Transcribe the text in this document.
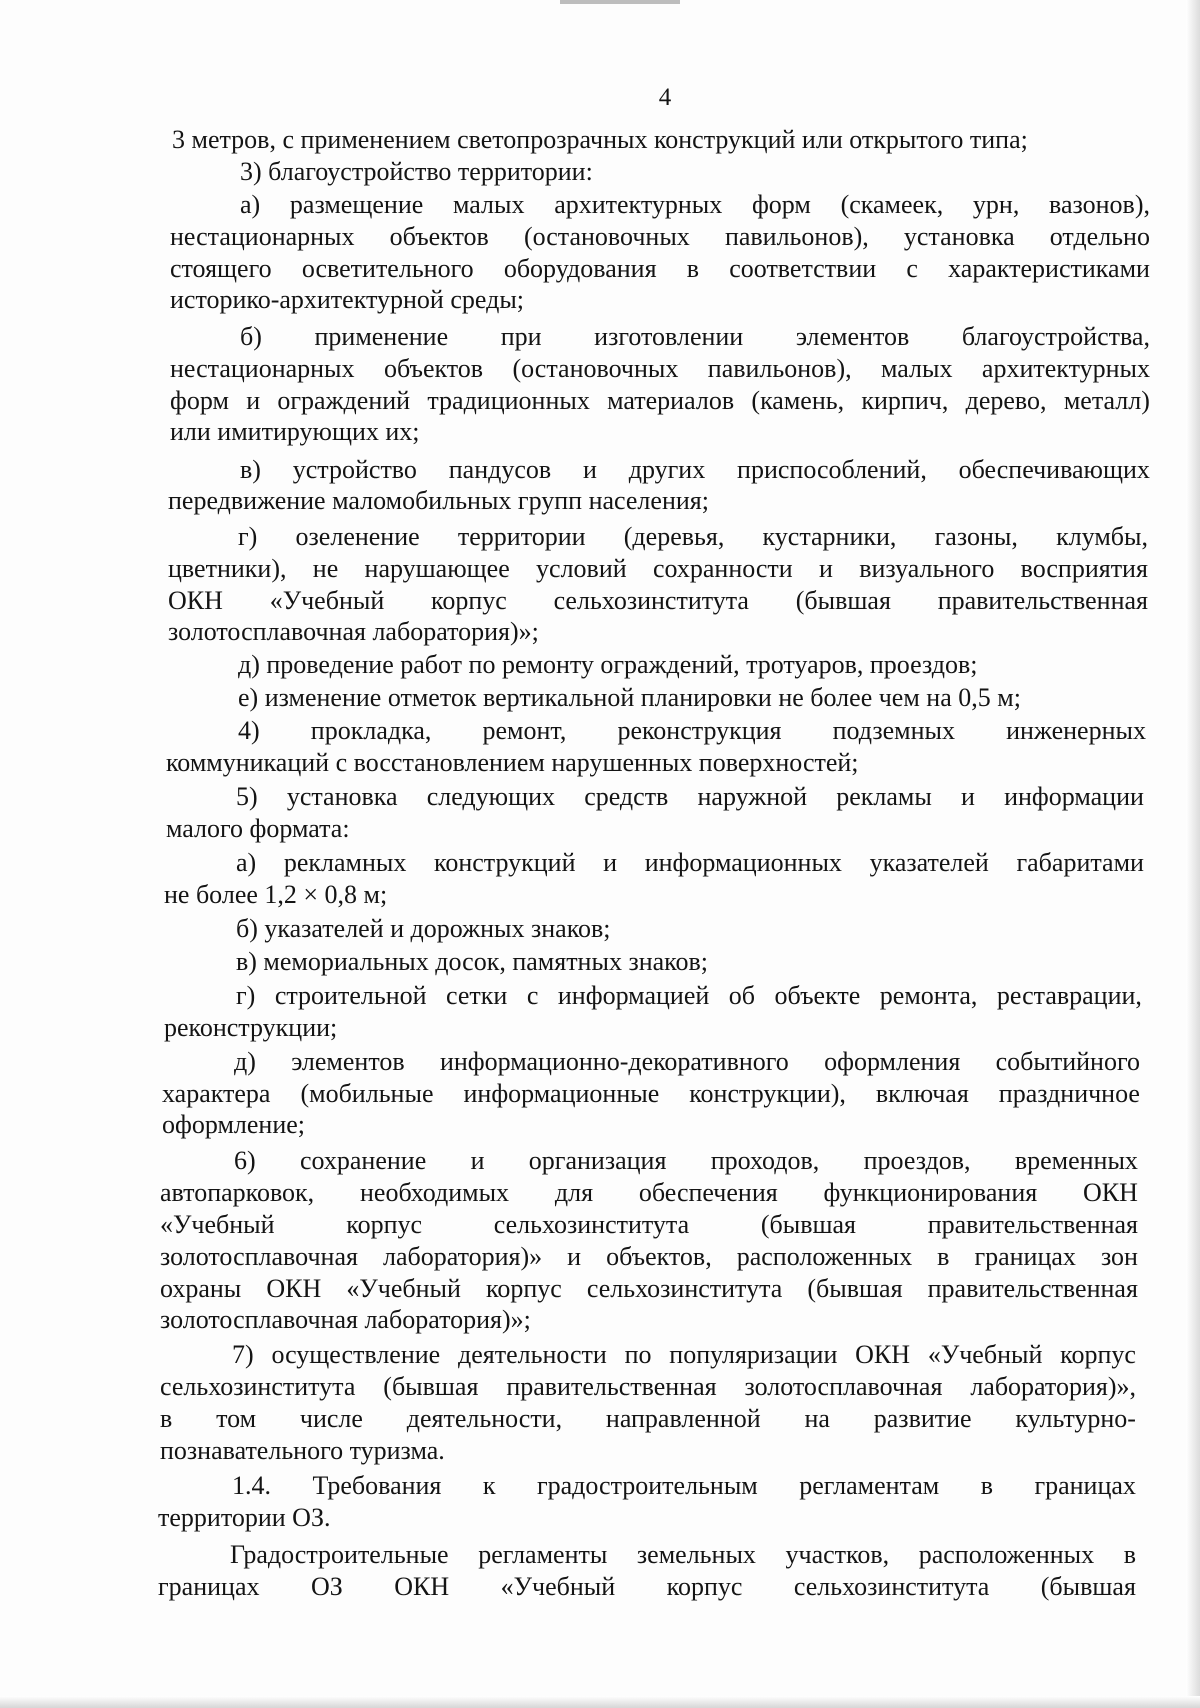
4
3 метров, с применением светопрозрачных конструкций или открытого типа;
3) благоустройство территории:
а) размещение малых архитектурных форм (скамеек, урн, вазонов),
нестационарных объектов (остановочных павильонов), установка отдельно
стоящего осветительного оборудования в соответствии с характеристиками
историко-архитектурной среды;
б) применение при изготовлении элементов благоустройства,
нестационарных объектов (остановочных павильонов), малых архитектурных
форм и ограждений традиционных материалов (камень, кирпич, дерево, металл)
или имитирующих их;
в) устройство пандусов и других приспособлений, обеспечивающих
передвижение маломобильных групп населения;
г) озеленение территории (деревья, кустарники, газоны, клумбы,
цветники), не нарушающее условий сохранности и визуального восприятия
ОКН «Учебный корпус сельхозинститута (бывшая правительственная
золотосплавочная лаборатория)»;
д) проведение работ по ремонту ограждений, тротуаров, проездов;
е) изменение отметок вертикальной планировки не более чем на 0,5 м;
4) прокладка, ремонт, реконструкция подземных инженерных
коммуникаций с восстановлением нарушенных поверхностей;
5) установка следующих средств наружной рекламы и информации
малого формата:
а) рекламных конструкций и информационных указателей габаритами
не более 1,2 × 0,8 м;
б) указателей и дорожных знаков;
в) мемориальных досок, памятных знаков;
г) строительной сетки с информацией об объекте ремонта, реставрации,
реконструкции;
д) элементов информационно-декоративного оформления событийного
характера (мобильные информационные конструкции), включая праздничное
оформление;
6) сохранение и организация проходов, проездов, временных
автопарковок, необходимых для обеспечения функционирования ОКН
«Учебный	корпус	сельхозинститута	(бывшая	правительственная
золотосплавочная лаборатория)» и объектов, расположенных в границах зон
охраны ОКН «Учебный корпус сельхозинститута (бывшая правительственная
золотосплавочная лаборатория)»;
7) осуществление деятельности по популяризации ОКН «Учебный корпус
сельхозинститута (бывшая правительственная золотосплавочная лаборатория)»,
в том числе деятельности, направленной на развитие культурно-
познавательного туризма.
1.4. Требования к градостроительным регламентам в границах
территории ОЗ.
Градостроительные регламенты земельных участков, расположенных в
границах ОЗ ОКН «Учебный корпус сельхозинститута (бывшая
